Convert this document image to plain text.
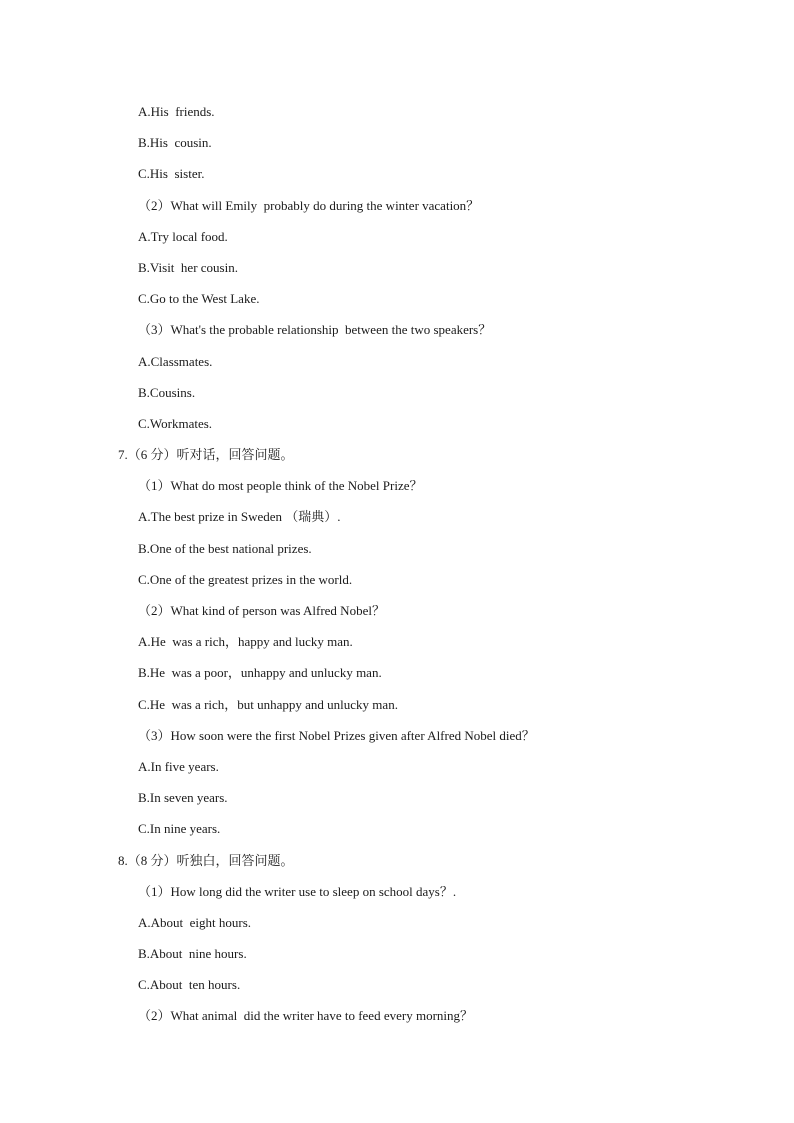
A.His  friends.
B.His  cousin.
C.His  sister.
（2）What will Emily  probably do during the winter vacation？
A.Try local food.
B.Visit  her cousin.
C.Go to the West Lake.
（3）What's the probable relationship  between the two speakers？
A.Classmates.
B.Cousins.
C.Workmates.
7.（6 分）听对话，回答问题。
（1）What do most people think of the Nobel Prize？
A.The best prize in Sweden （瑞典）.
B.One of the best national prizes.
C.One of the greatest prizes in the world.
（2）What kind of person was Alfred Nobel？
A.He  was a rich，happy and lucky man.
B.He  was a poor，unhappy and unlucky man.
C.He  was a rich，but unhappy and unlucky man.
（3）How soon were the first Nobel Prizes given after Alfred Nobel died？
A.In five years.
B.In seven years.
C.In nine years.
8.（8 分）听独白，回答问题。
（1）How long did the writer use to sleep on school days？.
A.About  eight hours.
B.About  nine hours.
C.About  ten hours.
（2）What animal  did the writer have to feed every morning？
